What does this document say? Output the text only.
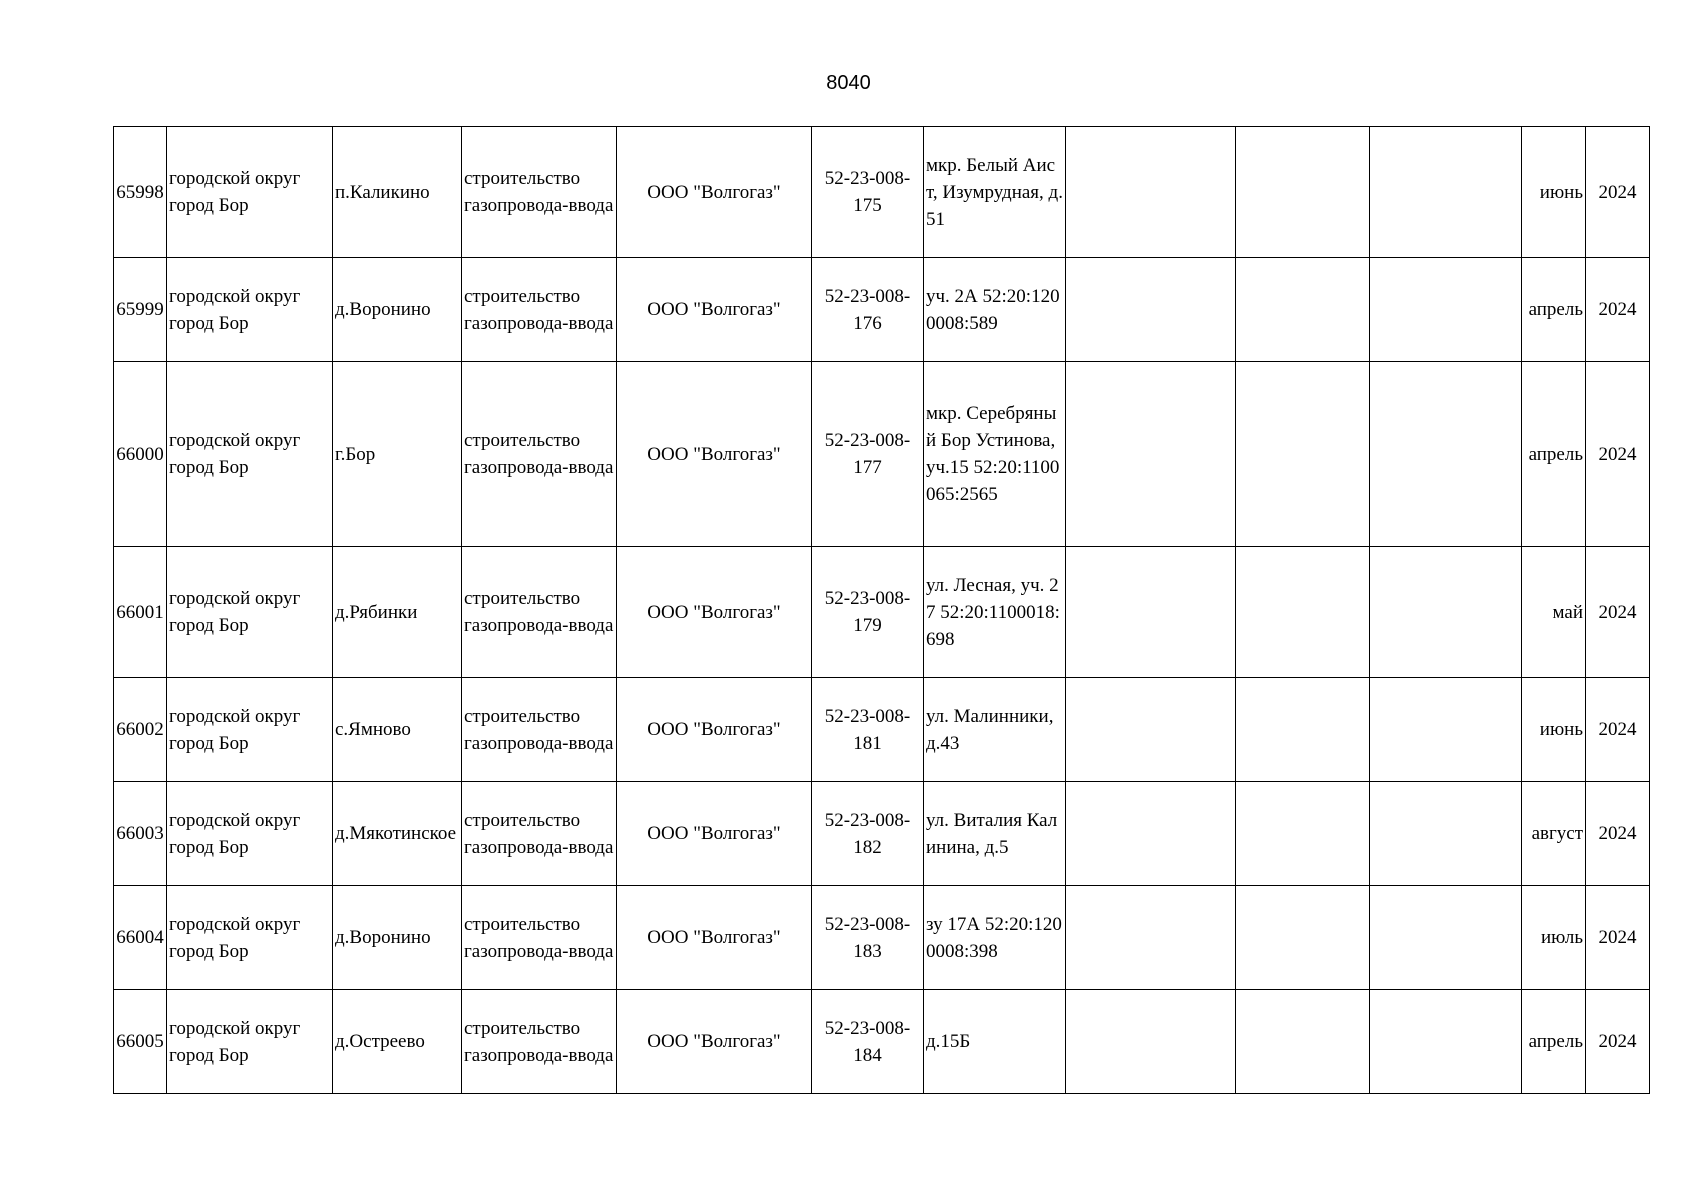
8040
65998	городской округ город Бор	п.Каликино	строительство газопровода-ввода	ООО "Волгогаз"	52-23-008-175	мкр. Белый Аист, Изумрудная, д.51				июнь	2024
65999	городской округ город Бор	д.Воронино	строительство газопровода-ввода	ООО "Волгогаз"	52-23-008-176	уч. 2А 52:20:1200008:589				апрель	2024
66000	городской округ город Бор	г.Бор	строительство газопровода-ввода	ООО "Волгогаз"	52-23-008-177	мкр. Серебряный Бор Устинова, уч.15 52:20:1100065:2565				апрель	2024
66001	городской округ город Бор	д.Рябинки	строительство газопровода-ввода	ООО "Волгогаз"	52-23-008-179	ул. Лесная, уч. 27 52:20:1100018:698				май	2024
66002	городской округ город Бор	с.Ямново	строительство газопровода-ввода	ООО "Волгогаз"	52-23-008-181	ул. Малинники, д.43				июнь	2024
66003	городской округ город Бор	д.Мякотинское	строительство газопровода-ввода	ООО "Волгогаз"	52-23-008-182	ул. Виталия Калинина, д.5				август	2024
66004	городской округ город Бор	д.Воронино	строительство газопровода-ввода	ООО "Волгогаз"	52-23-008-183	зу 17А 52:20:1200008:398				июль	2024
66005	городской округ город Бор	д.Остреево	строительство газопровода-ввода	ООО "Волгогаз"	52-23-008-184	д.15Б				апрель	2024
